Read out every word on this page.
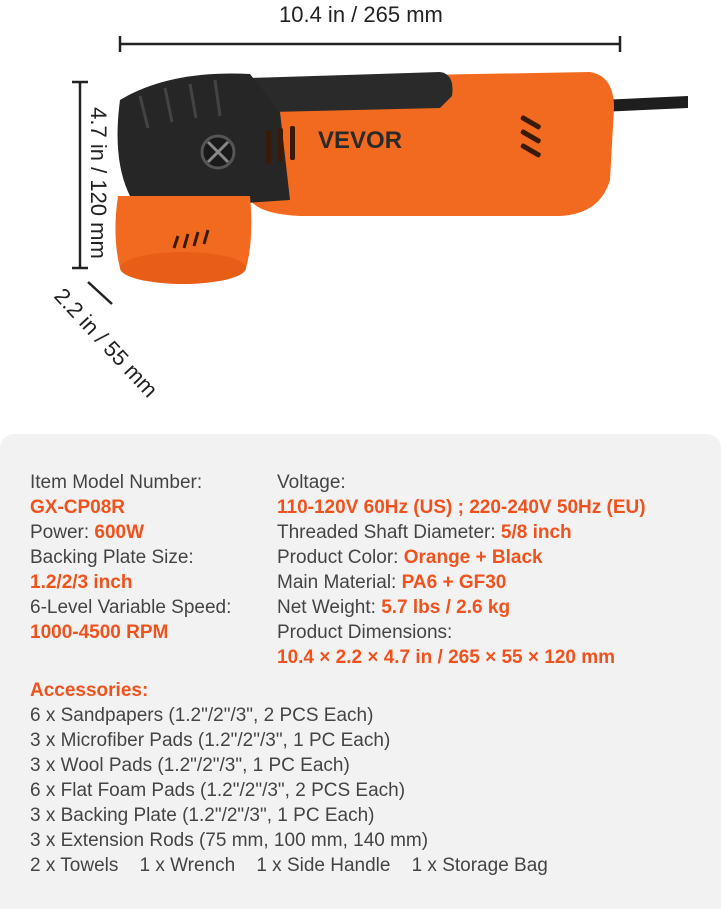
VEVOR
10.4 in / 265 mm
4.7 in / 120 mm
2.2 in / 55 mm
Item Model Number:
GX-CP08R
Power: 600W
Backing Plate Size:
1.2/2/3 inch
6-Level Variable Speed:
1000-4500 RPM
Voltage:
110-120V 60Hz (US) ; 220-240V 50Hz (EU)
Threaded Shaft Diameter: 5/8 inch
Product Color: Orange + Black
Main Material: PA6 + GF30
Net Weight: 5.7 lbs / 2.6 kg
Product Dimensions:
10.4 × 2.2 × 4.7 in / 265 × 55 × 120 mm
Accessories:
6 x Sandpapers (1.2"/2"/3", 2 PCS Each)
3 x Microfiber Pads (1.2"/2"/3", 1 PC Each)
3 x Wool Pads (1.2"/2"/3", 1 PC Each)
6 x Flat Foam Pads (1.2"/2"/3", 2 PCS Each)
3 x Backing Plate (1.2"/2"/3", 1 PC Each)
3 x Extension Rods (75 mm, 100 mm, 140 mm)
2 x Towels    1 x Wrench    1 x Side Handle    1 x Storage Bag
